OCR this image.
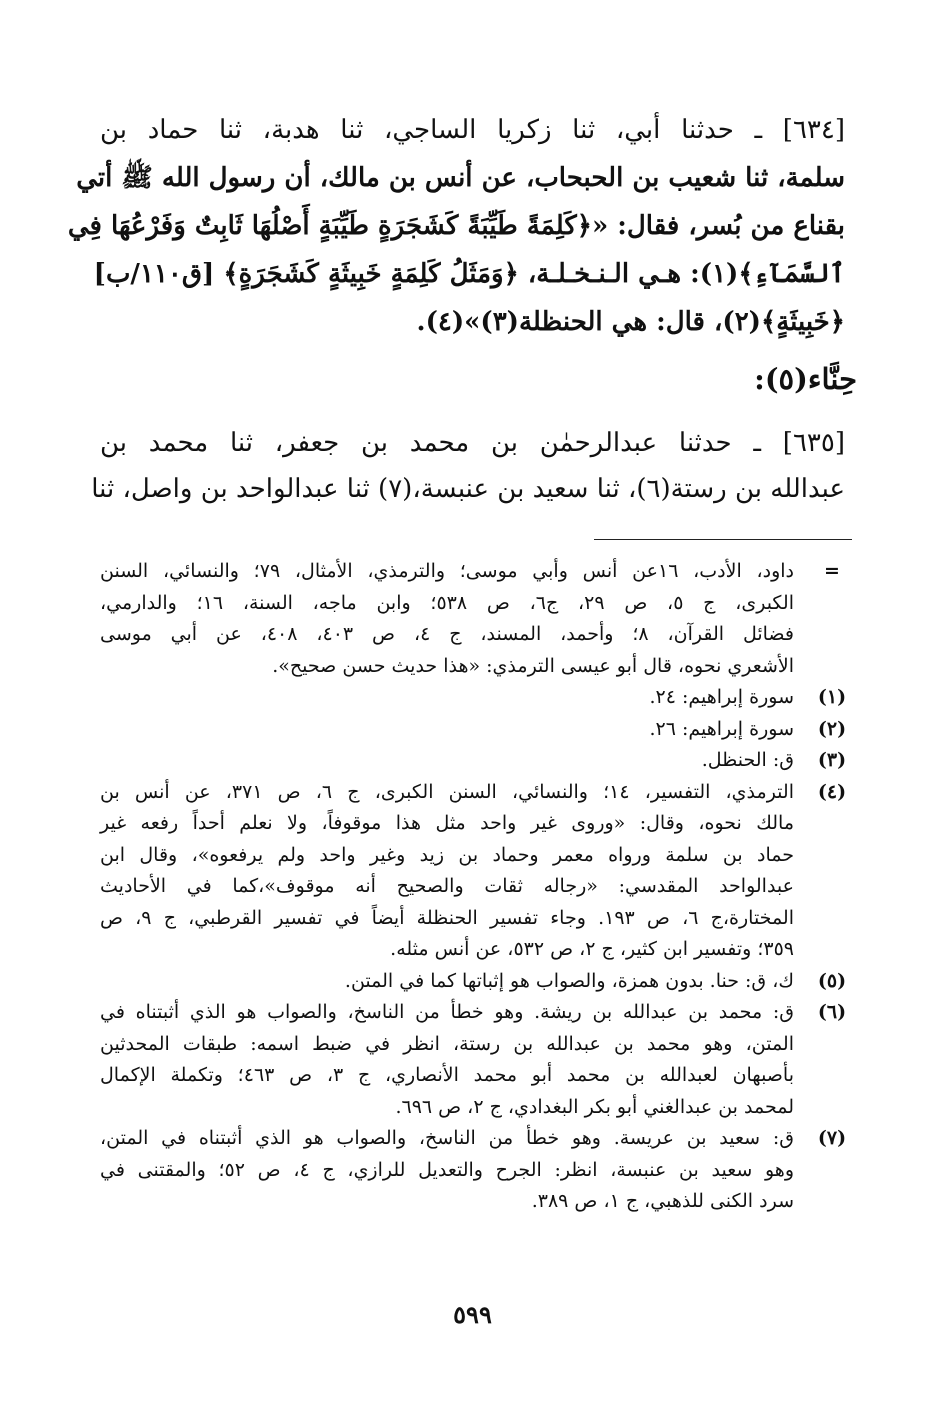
[٦٣٤] ـ حدثنا أبي، ثنا زكريا الساجي، ثنا هدبة، ثنا حماد بن
سلمة، ثنا شعيب بن الحبحاب، عن أنس بن مالك، أن رسول الله ﷺ أتي
بقناع من بُسر، فقال: «﴿كَلِمَةً طَيِّبَةً كَشَجَرَةٍ طَيِّبَةٍ أَصْلُهَا ثَابِتٌ وَفَرْعُهَا فِي
ٱلسَّمَآءِ﴾(١): هـي الـنـخـلـة، ﴿وَمَثَلُ كَلِمَةٍ خَبِيثَةٍ كَشَجَرَةٍ﴾ [ق١١٠/ب]
﴿خَبِيثَةٍ﴾(٢)، قال: هي الحنظلة(٣)»(٤).
حِنَّاء(٥):
[٦٣٥] ـ حدثنا عبدالرحمٰن بن محمد بن جعفر، ثنا محمد بن
عبدالله بن رستة(٦)، ثنا سعيد بن عنبسة،(٧) ثنا عبدالواحد بن واصل، ثنا
=
داود، الأدب، ١٦عن أنس وأبي موسى؛ والترمذي، الأمثال، ٧٩؛ والنسائي، السنن
الكبرى، ج ٥، ص ٢٩، ج٦، ص ٥٣٨؛ وابن ماجه، السنة، ١٦؛ والدارمي،
فضائل القرآن، ٨؛ وأحمد، المسند، ج ٤، ص ٤٠٣، ٤٠٨، عن أبي موسى
الأشعري نحوه، قال أبو عيسى الترمذي: «هذا حديث حسن صحيح».
(١)
سورة إبراهيم: ٢٤.
(٢)
سورة إبراهيم: ٢٦.
(٣)
ق: الحنظل.
(٤)
الترمذي، التفسير، ١٤؛ والنسائي، السنن الكبرى، ج ٦، ص ٣٧١، عن أنس بن
مالك نحوه، وقال: «وروى غير واحد مثل هذا موقوفاً، ولا نعلم أحداً رفعه غير
حماد بن سلمة ورواه معمر وحماد بن زيد وغير واحد ولم يرفعوه»، وقال ابن
عبدالواحد المقدسي: «رجاله ثقات والصحيح أنه موقوف»،كما في الأحاديث
المختارة،ج ٦، ص ١٩٣. وجاء تفسير الحنظلة أيضاً في تفسير القرطبي، ج ٩، ص
٣٥٩؛ وتفسير ابن كثير، ج ٢، ص ٥٣٢، عن أنس مثله.
(٥)
ك، ق: حنا. بدون همزة، والصواب هو إثباتها كما في المتن.
(٦)
ق: محمد بن عبدالله بن ريشة. وهو خطأ من الناسخ، والصواب هو الذي أثبتناه في
المتن، وهو محمد بن عبدالله بن رستة، انظر في ضبط اسمه: طبقات المحدثين
بأصبهان لعبدالله بن محمد أبو محمد الأنصاري، ج ٣، ص ٤٦٣؛ وتكملة الإكمال
لمحمد بن عبدالغني أبو بكر البغدادي، ج ٢، ص ٦٩٦.
(٧)
ق: سعيد بن عريسة. وهو خطأ من الناسخ، والصواب هو الذي أثبتناه في المتن،
وهو سعيد بن عنبسة، انظر: الجرح والتعديل للرازي، ج ٤، ص ٥٢؛ والمقتنى في
سرد الكنى للذهبي، ج ١، ص ٣٨٩.
٥٩٩
